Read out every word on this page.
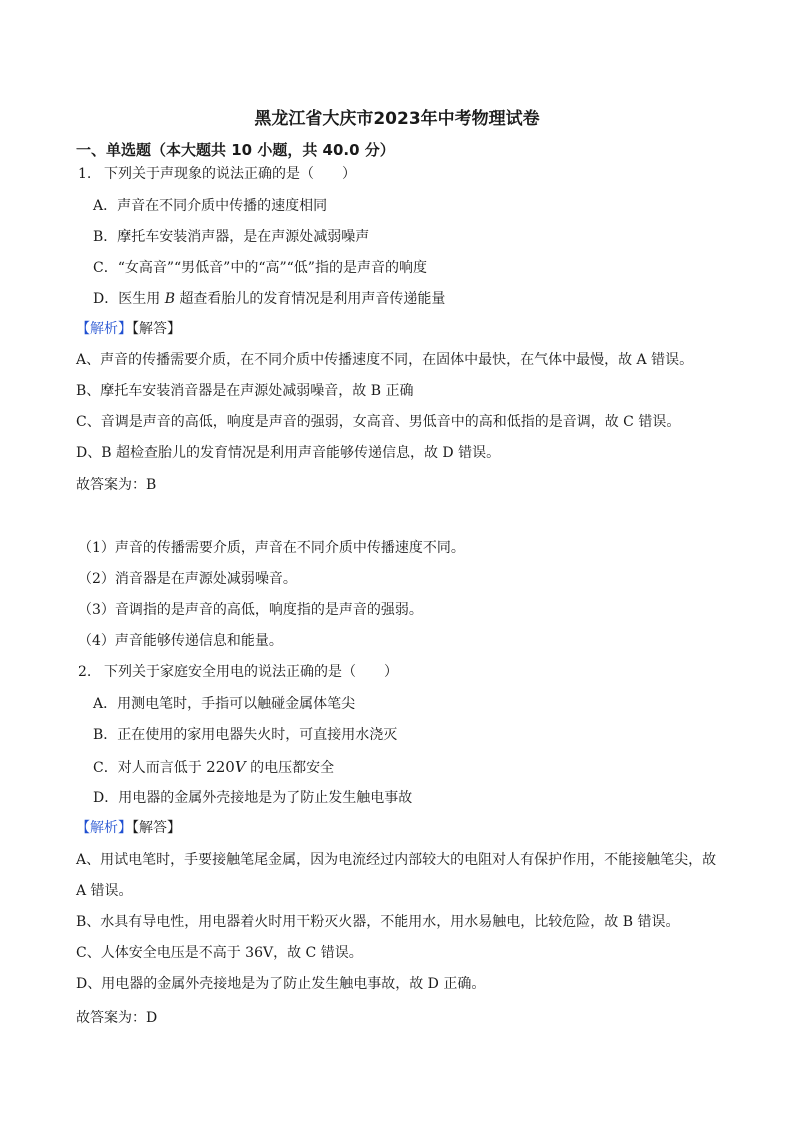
黑龙江省大庆市2023年中考物理试卷
一、单选题（本大题共 10 小题，共 40.0 分）
1. 下列关于声现象的说法正确的是（　　）
A．声音在不同介质中传播的速度相同
B．摩托车安装消声器，是在声源处减弱噪声
C．“女高音”“男低音”中的“高”“低”指的是声音的响度
D．医生用 B 超查看胎儿的发育情况是利用声音传递能量
【解析】【解答】
A、声音的传播需要介质，在不同介质中传播速度不同，在固体中最快，在气体中最慢，故 A 错误。
B、摩托车安装消音器是在声源处减弱噪音，故 B 正确
C、音调是声音的高低，响度是声音的强弱，女高音、男低音中的高和低指的是音调，故 C 错误。
D、B 超检查胎儿的发育情况是利用声音能够传递信息，故 D 错误。
故答案为：B
（1）声音的传播需要介质，声音在不同介质中传播速度不同。
（2）消音器是在声源处减弱噪音。
（3）音调指的是声音的高低，响度指的是声音的强弱。
（4）声音能够传递信息和能量。
2. 下列关于家庭安全用电的说法正确的是（　　）
A．用测电笔时，手指可以触碰金属体笔尖
B．正在使用的家用电器失火时，可直接用水浇灭
C．对人而言低于 220V 的电压都安全
D．用电器的金属外壳接地是为了防止发生触电事故
【解析】【解答】
A、用试电笔时，手要接触笔尾金属，因为电流经过内部较大的电阻对人有保护作用，不能接触笔尖，故
A 错误。
B、水具有导电性，用电器着火时用干粉灭火器，不能用水，用水易触电，比较危险，故 B 错误。
C、人体安全电压是不高于 36V，故 C 错误。
D、用电器的金属外壳接地是为了防止发生触电事故，故 D 正确。
故答案为：D
